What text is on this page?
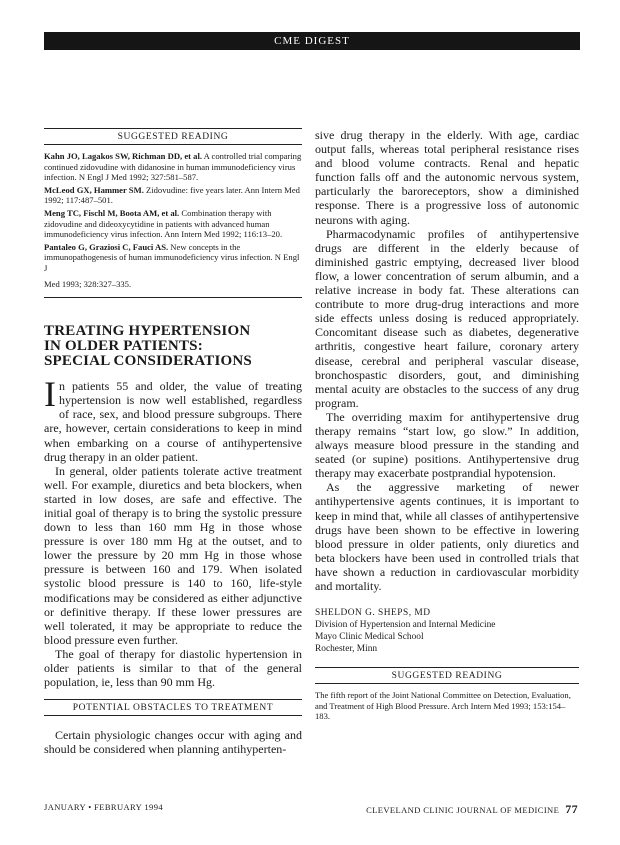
CME DIGEST
SUGGESTED READING
Kahn JO, Lagakos SW, Richman DD, et al. A controlled trial comparing continued zidovudine with didanosine in human immunodeficiency virus infection. N Engl J Med 1992; 327:581–587.
McLeod GX, Hammer SM. Zidovudine: five years later. Ann Intern Med 1992; 117:487–501.
Meng TC, Fischl M, Boota AM, et al. Combination therapy with zidovudine and dideoxycytidine in patients with advanced human immunodeficiency virus infection. Ann Intern Med 1992; 116:13–20.
Pantaleo G, Graziosi C, Fauci AS. New concepts in the immunopathogenesis of human immunodeficiency virus infection. N Engl J
Med 1993; 328:327–335.
TREATING HYPERTENSION
IN OLDER PATIENTS:
SPECIAL CONSIDERATIONS

In patients 55 and older, the value of treating hypertension is now well established, regardless of race, sex, and blood pressure subgroups. There are, however, certain considerations to keep in mind when embarking on a course of antihypertensive drug therapy in an older patient.

In general, older patients tolerate active treatment well. For example, diuretics and beta blockers, when started in low doses, are safe and effective. The initial goal of therapy is to bring the systolic pressure down to less than 160 mm Hg in those whose pressure is over 180 mm Hg at the outset, and to lower the pressure by 20 mm Hg in those whose pressure is between 160 and 179. When isolated systolic blood pressure is 140 to 160, life-style modifications may be considered as either adjunctive or definitive therapy. If these lower pressures are well tolerated, it may be appropriate to reduce the blood pressure even further.

The goal of therapy for diastolic hypertension in older patients is similar to that of the general population, ie, less than 90 mm Hg.

POTENTIAL OBSTACLES TO TREATMENT

Certain physiologic changes occur with aging and should be considered when planning antihyperten-

sive drug therapy in the elderly. With age, cardiac output falls, whereas total peripheral resistance rises and blood volume contracts. Renal and hepatic function falls off and the autonomic nervous system, particularly the baroreceptors, show a diminished response. There is a progressive loss of autonomic neurons with aging.

Pharmacodynamic profiles of antihypertensive drugs are different in the elderly because of diminished gastric emptying, decreased liver blood flow, a lower concentration of serum albumin, and a relative increase in body fat. These alterations can contribute to more drug-drug interactions and more side effects unless dosing is reduced appropriately. Concomitant disease such as diabetes, degenerative arthritis, congestive heart failure, coronary artery disease, cerebral and peripheral vascular disease, bronchospastic disorders, gout, and diminishing mental acuity are obstacles to the success of any drug program.

The overriding maxim for antihypertensive drug therapy remains “start low, go slow.” In addition, always measure blood pressure in the standing and seated (or supine) positions. Antihypertensive drug therapy may exacerbate postprandial hypotension.

As the aggressive marketing of newer antihypertensive agents continues, it is important to keep in mind that, while all classes of antihypertensive drugs have been shown to be effective in lowering blood pressure in older patients, only diuretics and beta blockers have been used in controlled trials that have shown a reduction in cardiovascular morbidity and mortality.

SHELDON G. SHEPS, MD
Division of Hypertension and Internal Medicine
Mayo Clinic Medical School
Rochester, Minn
SUGGESTED READING
The fifth report of the Joint National Committee on Detection, Evaluation, and Treatment of High Blood Pressure. Arch Intern Med 1993; 153:154–183.
JANUARY • FEBRUARY 1994	CLEVELAND CLINIC JOURNAL OF MEDICINE 77
